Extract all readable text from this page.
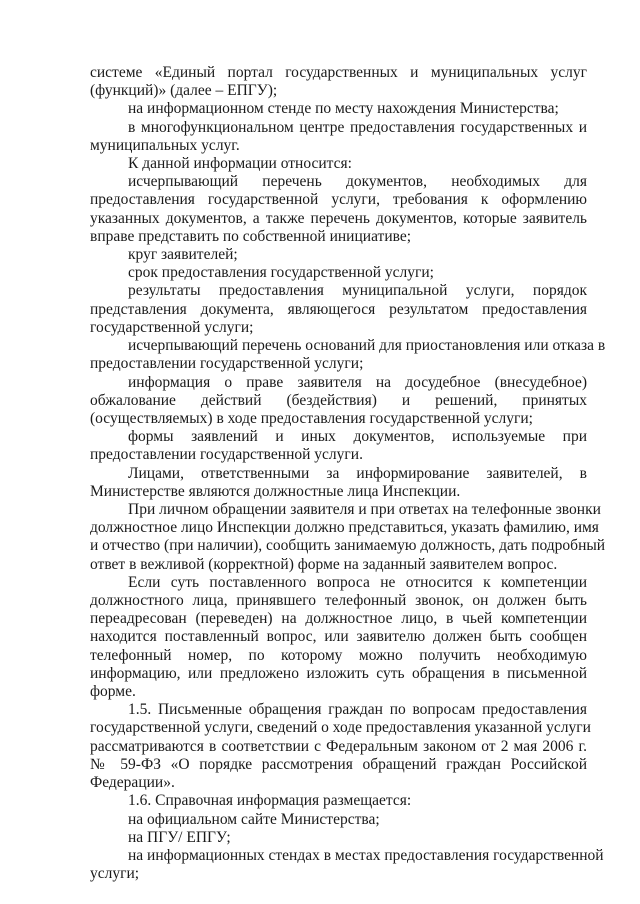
системе «Единый портал государственных и муниципальных услуг

(функций)» (далее – ЕПГУ);

на информационном стенде по месту нахождения Министерства;

в многофункциональном центре предоставления государственных и

муниципальных услуг.

К данной информации относится:

исчерпывающий перечень документов, необходимых для

предоставления государственной услуги, требования к оформлению

указанных документов, а также перечень документов, которые заявитель

вправе представить по собственной инициативе;

круг заявителей;

срок предоставления государственной услуги;

результаты предоставления муниципальной услуги, порядок

представления документа, являющегося результатом предоставления

государственной услуги;

исчерпывающий перечень оснований для приостановления или отказа в

предоставлении государственной услуги;

информация о праве заявителя на досудебное (внесудебное)

обжалование действий (бездействия) и решений, принятых

(осуществляемых) в ходе предоставления государственной услуги;

формы заявлений и иных документов, используемые при

предоставлении государственной услуги.

Лицами, ответственными за информирование заявителей, в

Министерстве являются должностные лица Инспекции.

При личном обращении заявителя и при ответах на телефонные звонки

должностное лицо Инспекции должно представиться, указать фамилию, имя

и отчество (при наличии), сообщить занимаемую должность, дать подробный

ответ в вежливой (корректной) форме на заданный заявителем вопрос.

Если суть поставленного вопроса не относится к компетенции

должностного лица, принявшего телефонный звонок, он должен быть

переадресован (переведен) на должностное лицо, в чьей компетенции

находится поставленный вопрос, или заявителю должен быть сообщен

телефонный номер, по которому можно получить необходимую

информацию, или предложено изложить суть обращения в письменной

форме.

1.5. Письменные обращения граждан по вопросам предоставления

государственной услуги, сведений о ходе предоставления указанной услуги

рассматриваются в соответствии с Федеральным законом от 2 мая 2006 г.

№ 59-ФЗ «О порядке рассмотрения обращений граждан Российской

Федерации».

1.6. Справочная информация размещается:

на официальном сайте Министерства;

на ПГУ/ ЕПГУ;

на информационных стендах в местах предоставления государственной

услуги;
